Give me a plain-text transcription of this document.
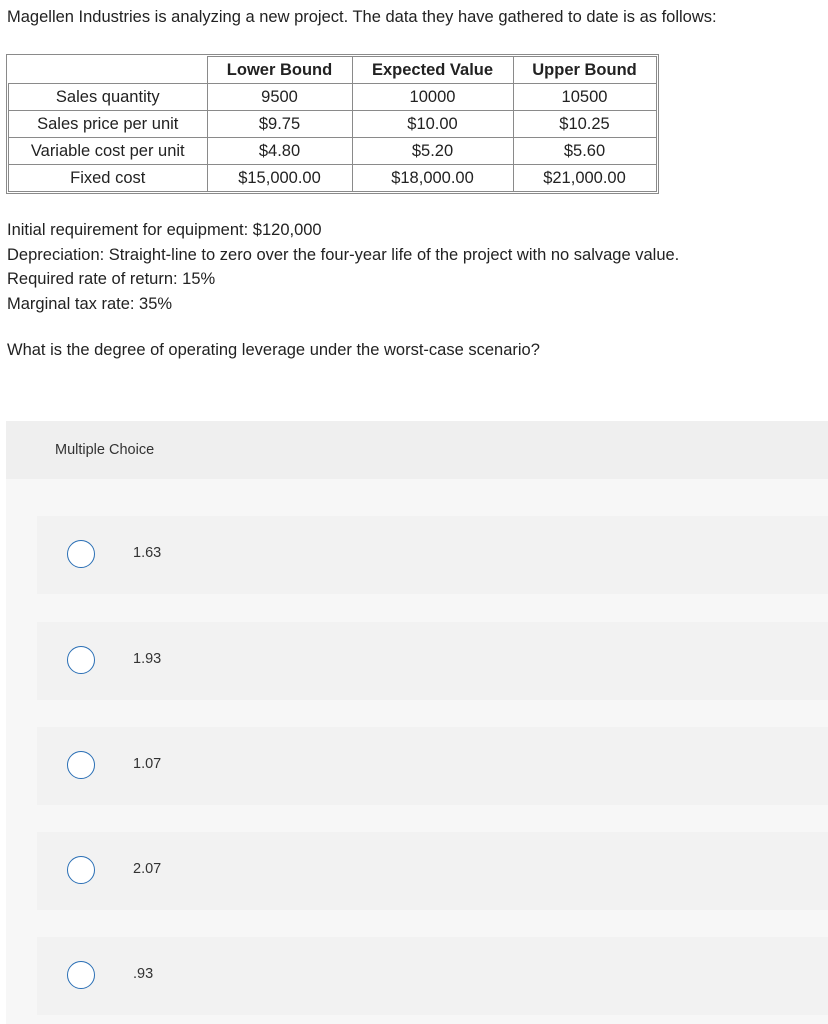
Magellen Industries is analyzing a new project. The data they have gathered to date is as follows:
	Lower Bound	Expected Value	Upper Bound
Sales quantity	9500	10000	10500
Sales price per unit	$9.75	$10.00	$10.25
Variable cost per unit	$4.80	$5.20	$5.60
Fixed cost	$15,000.00	$18,000.00	$21,000.00
Initial requirement for equipment: $120,000
Depreciation: Straight-line to zero over the four-year life of the project with no salvage value.
Required rate of return: 15%
Marginal tax rate: 35%
What is the degree of operating leverage under the worst-case scenario?
Multiple Choice
1.63
1.93
1.07
2.07
.93
